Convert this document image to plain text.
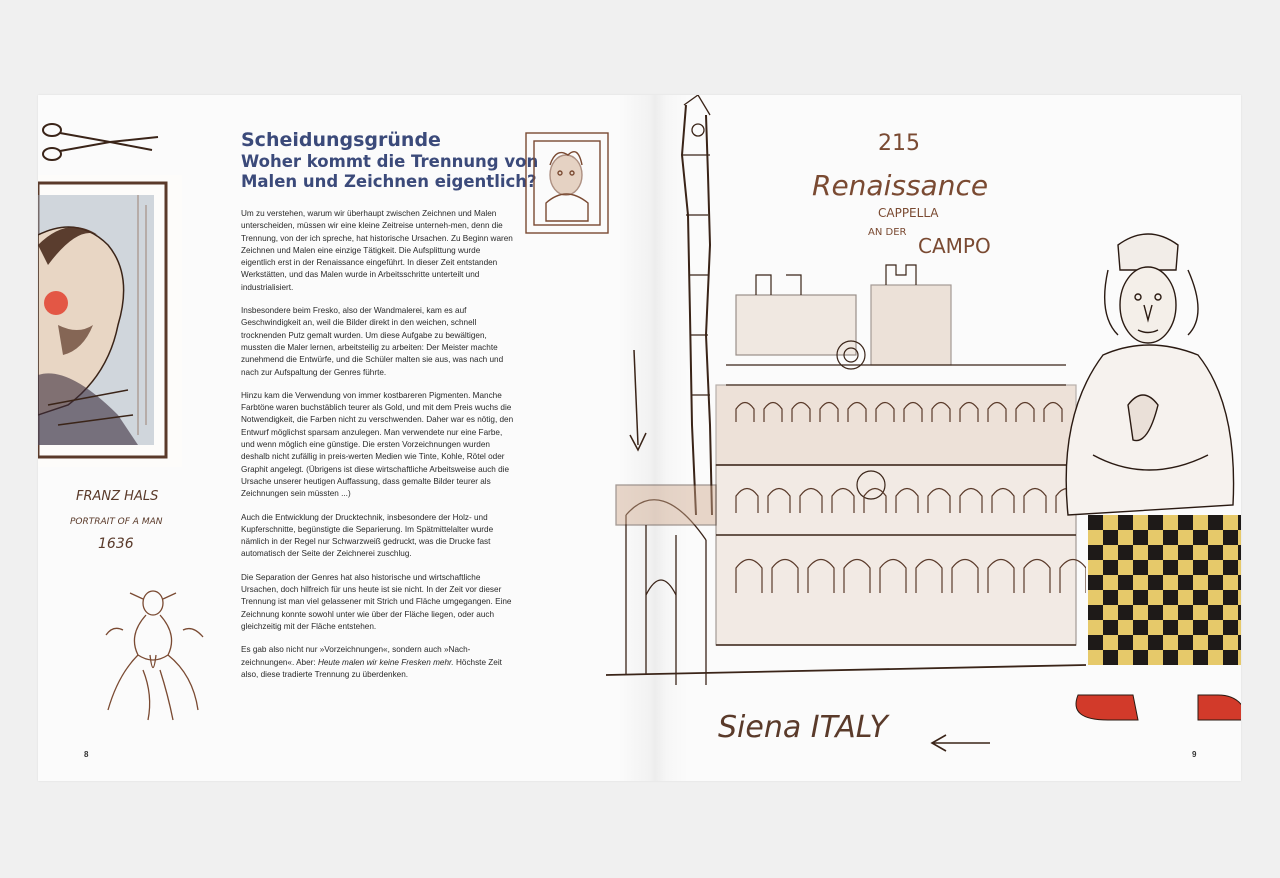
FRANZ HALS
PORTRAIT OF A MAN
1636
Scheidungsgründe
Woher kommt die Trennung von
Malen und Zeichnen eigentlich?

Um zu verstehen, warum wir überhaupt zwischen Zeichnen und Malen unterscheiden, müssen wir eine kleine Zeitreise unterneh-men, denn die Trennung, von der ich spreche, hat historische Ursachen. Zu Beginn waren Zeichnen und Malen eine einzige Tätigkeit. Die Aufsplittung wurde eigentlich erst in der Renaissance eingeführt. In dieser Zeit entstanden Werkstätten, und das Malen wurde in Arbeitsschritte unterteilt und industrialisiert.

Insbesondere beim Fresko, also der Wandmalerei, kam es auf Geschwindigkeit an, weil die Bilder direkt in den weichen, schnell trocknenden Putz gemalt wurden. Um diese Aufgabe zu bewältigen, mussten die Maler lernen, arbeitsteilig zu arbeiten: Der Meister machte zunehmend die Entwürfe, und die Schüler malten sie aus, was nach und nach zur Aufspaltung der Genres führte.

Hinzu kam die Verwendung von immer kostbareren Pigmenten. Manche Farbtöne waren buchstäblich teurer als Gold, und mit dem Preis wuchs die Notwendigkeit, die Farben nicht zu verschwenden. Daher war es nötig, den Entwurf möglichst sparsam anzulegen. Man verwendete nur eine Farbe, und wenn möglich eine günstige. Die ersten Vorzeichnungen wurden deshalb nicht zufällig in preis-werten Medien wie Tinte, Kohle, Rötel oder Graphit angelegt. (Übrigens ist diese wirtschaftliche Arbeitsweise auch die Ursache unserer heutigen Auffassung, dass gemalte Bilder teurer als Zeichnungen sein müssten ...)

Auch die Entwicklung der Drucktechnik, insbesondere der Holz- und Kupferschnitte, begünstigte die Separierung. Im Spätmittelalter wurde nämlich in der Regel nur Schwarzweiß gedruckt, was die Drucke fast automatisch der Seite der Zeichnerei zuschlug.

Die Separation der Genres hat also historische und wirtschaftliche Ursachen, doch hilfreich für uns heute ist sie nicht. In der Zeit vor dieser Trennung ist man viel gelassener mit Strich und Fläche umgegangen. Eine Zeichnung konnte sowohl unter wie über der Fläche liegen, oder auch gleichzeitig mit der Fläche entstehen.

Es gab also nicht nur »Vorzeichnungen«, sondern auch »Nach-zeichnungen«. Aber: Heute malen wir keine Fresken mehr. Höchste Zeit also, diese tradierte Trennung zu überdenken.

8
215
Renaissance
CAPPELLA
AN DER
CAMPO
Siena ITALY
9
